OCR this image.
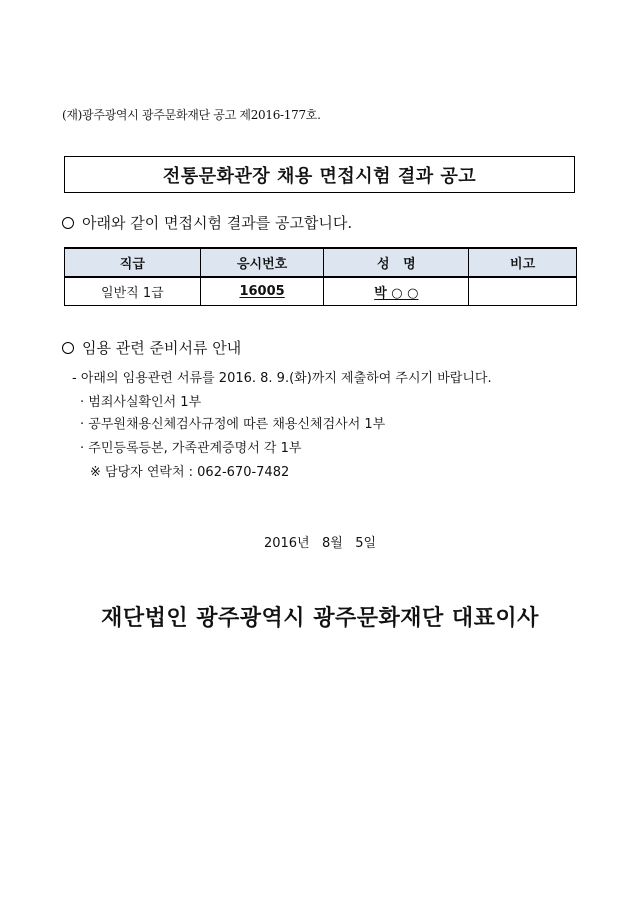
(재)광주광역시 광주문화재단 공고 제2016-177호.
전통문화관장 채용 면접시험 결과 공고
아래와 같이 면접시험 결과를 공고합니다.
직급	응시번호	성   명	비고
일반직 1급	16005	박 ○ ○	
임용 관련 준비서류 안내
- 아래의 임용관련 서류를 2016. 8. 9.(화)까지 제출하여 주시기 바랍니다.
· 범죄사실확인서 1부
· 공무원채용신체검사규정에 따른 채용신체검사서 1부
· 주민등록등본, 가족관계증명서 각 1부
※ 담당자 연락처 : 062-670-7482
2016년   8월   5일
재단법인 광주광역시 광주문화재단 대표이사
